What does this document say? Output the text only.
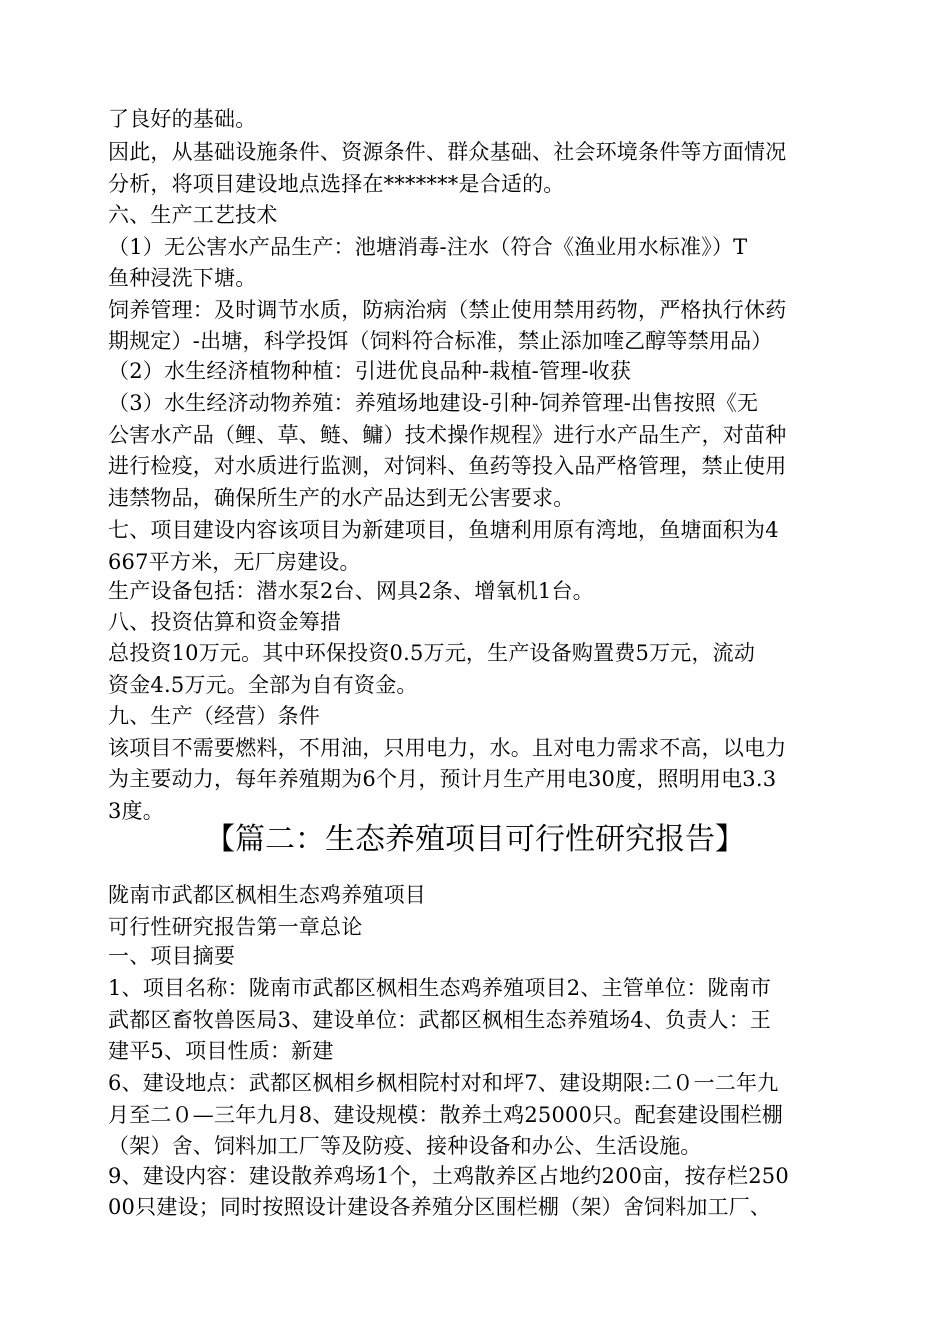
了良好的基础。
因此，从基础设施条件、资源条件、群众基础、社会环境条件等方面情况
分析，将项目建设地点选择在*******是合适的。
六、生产工艺技术
（1）无公害水产品生产：池塘消毒-注水（符合《渔业用水标准》）T
鱼种浸洗下塘。
饲养管理：及时调节水质，防病治病（禁止使用禁用药物，严格执行休药
期规定）-出塘，科学投饵（饲料符合标准，禁止添加喹乙醇等禁用品）
（2）水生经济植物种植：引进优良品种-栽植-管理-收获
（3）水生经济动物养殖：养殖场地建设-引种-饲养管理-出售按照《无
公害水产品（鲤、草、鲢、鳙）技术操作规程》进行水产品生产，对苗种
进行检疫，对水质进行监测，对饲料、鱼药等投入品严格管理，禁止使用
违禁物品，确保所生产的水产品达到无公害要求。
七、项目建设内容该项目为新建项目，鱼塘利用原有湾地，鱼塘面积为4
667平方米，无厂房建设。
生产设备包括：潜水泵2台、网具2条、增氧机1台。
八、投资估算和资金筹措
总投资10万元。其中环保投资0.5万元，生产设备购置费5万元，流动
资金4.5万元。全部为自有资金。
九、生产（经营）条件
该项目不需要燃料，不用油，只用电力，水。且对电力需求不高，以电力
为主要动力，每年养殖期为6个月，预计月生产用电30度，照明用电3.3
3度。
【篇二：生态养殖项目可行性研究报告】
陇南市武都区枫相生态鸡养殖项目
可行性研究报告第一章总论
一、项目摘要
1、项目名称：陇南市武都区枫相生态鸡养殖项目2、主管单位：陇南市
武都区畜牧兽医局3、建设单位：武都区枫相生态养殖场4、负责人：王
建平5、项目性质：新建
6、建设地点：武都区枫相乡枫相院村对和坪7、建设期限:二０一二年九
月至二０—三年九月8、建设规模：散养土鸡25000只。配套建设围栏棚
（架）舍、饲料加工厂等及防疫、接种设备和办公、生活设施。
9、建设内容：建设散养鸡场1个，土鸡散养区占地约200亩，按存栏250
00只建设；同时按照设计建设各养殖分区围栏棚（架）舍饲料加工厂、
